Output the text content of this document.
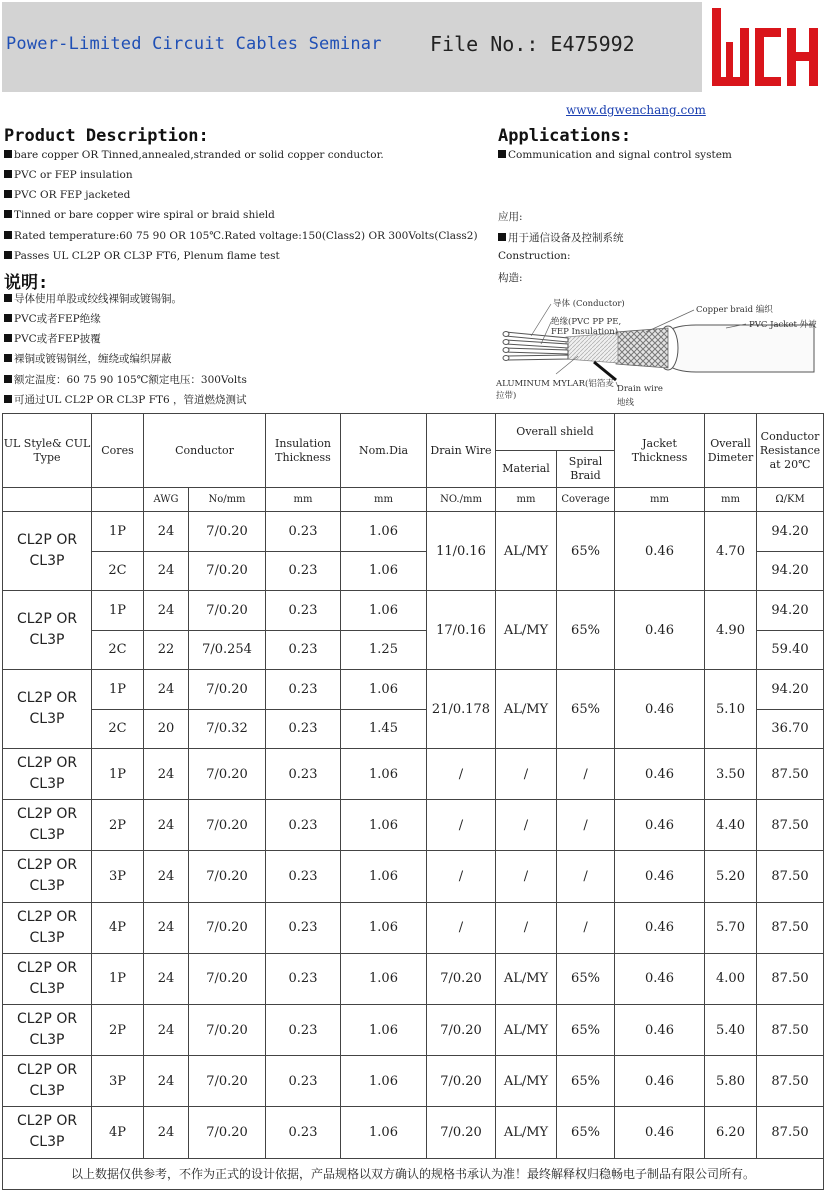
Power-Limited Circuit Cables Seminar File No.: E475992
www.dgwenchang.com
Product Description:
bare copper OR Tinned,annealed,stranded or solid copper conductor.
PVC or FEP insulation
PVC OR FEP jacketed
Tinned or bare copper wire spiral or braid shield
Rated temperature:60 75 90 OR 105℃.Rated voltage:150(Class2) OR 300Volts(Class2)
Passes UL CL2P OR CL3P FT6, Plenum flame test
说明:
导体使用单股或绞线裸铜或镀锡铜。
PVC或者FEP绝缘
PVC或者FEP披覆
裸铜或镀锡铜丝，缠绕或编织屏蔽
额定温度：60 75 90 105℃额定电压：300Volts
可通过UL CL2P OR CL3P FT6 ，管道燃烧测试
Applications:
Communication and signal control system
应用:
用于通信设备及控制系统
Construction:
构造:
导体 (Conductor)
绝缘(PVC PP PE,
FEP Insulation)
Copper braid 编织
PVC Jacket 外被
ALUMINUM MYLAR(铝箔麦
拉带)
Drain wire
地线
UL Style& CUL Type	Cores	Conductor		Insulation Thickness	Nom.Dia	Drain Wire	Overall shield		Jacket Thickness	Overall Dimeter	Conductor Resistance at 20℃
							Material	Spiral Braid			
		AWG	No/mm	mm	mm	NO./mm	mm	Coverage	mm	mm	Ω/KM
CL2P OR CL3P	1P	24	7/0.20	0.23	1.06	11/0.16	AL/MY	65%	0.46	4.70	94.20
	2C	24	7/0.20	0.23	1.06						94.20
CL2P OR CL3P	1P	24	7/0.20	0.23	1.06	17/0.16	AL/MY	65%	0.46	4.90	94.20
	2C	22	7/0.254	0.23	1.25						59.40
CL2P OR CL3P	1P	24	7/0.20	0.23	1.06	21/0.178	AL/MY	65%	0.46	5.10	94.20
	2C	20	7/0.32	0.23	1.45						36.70
CL2P OR CL3P	1P	24	7/0.20	0.23	1.06	/	/	/	0.46	3.50	87.50
CL2P OR CL3P	2P	24	7/0.20	0.23	1.06	/	/	/	0.46	4.40	87.50
CL2P OR CL3P	3P	24	7/0.20	0.23	1.06	/	/	/	0.46	5.20	87.50
CL2P OR CL3P	4P	24	7/0.20	0.23	1.06	/	/	/	0.46	5.70	87.50
CL2P OR CL3P	1P	24	7/0.20	0.23	1.06	7/0.20	AL/MY	65%	0.46	4.00	87.50
CL2P OR CL3P	2P	24	7/0.20	0.23	1.06	7/0.20	AL/MY	65%	0.46	5.40	87.50
CL2P OR CL3P	3P	24	7/0.20	0.23	1.06	7/0.20	AL/MY	65%	0.46	5.80	87.50
CL2P OR CL3P	4P	24	7/0.20	0.23	1.06	7/0.20	AL/MY	65%	0.46	6.20	87.50
以上数据仅供参考，不作为正式的设计依据，产品规格以双方确认的规格书承认为准！最终解释权归稳畅电子制品有限公司所有。											
